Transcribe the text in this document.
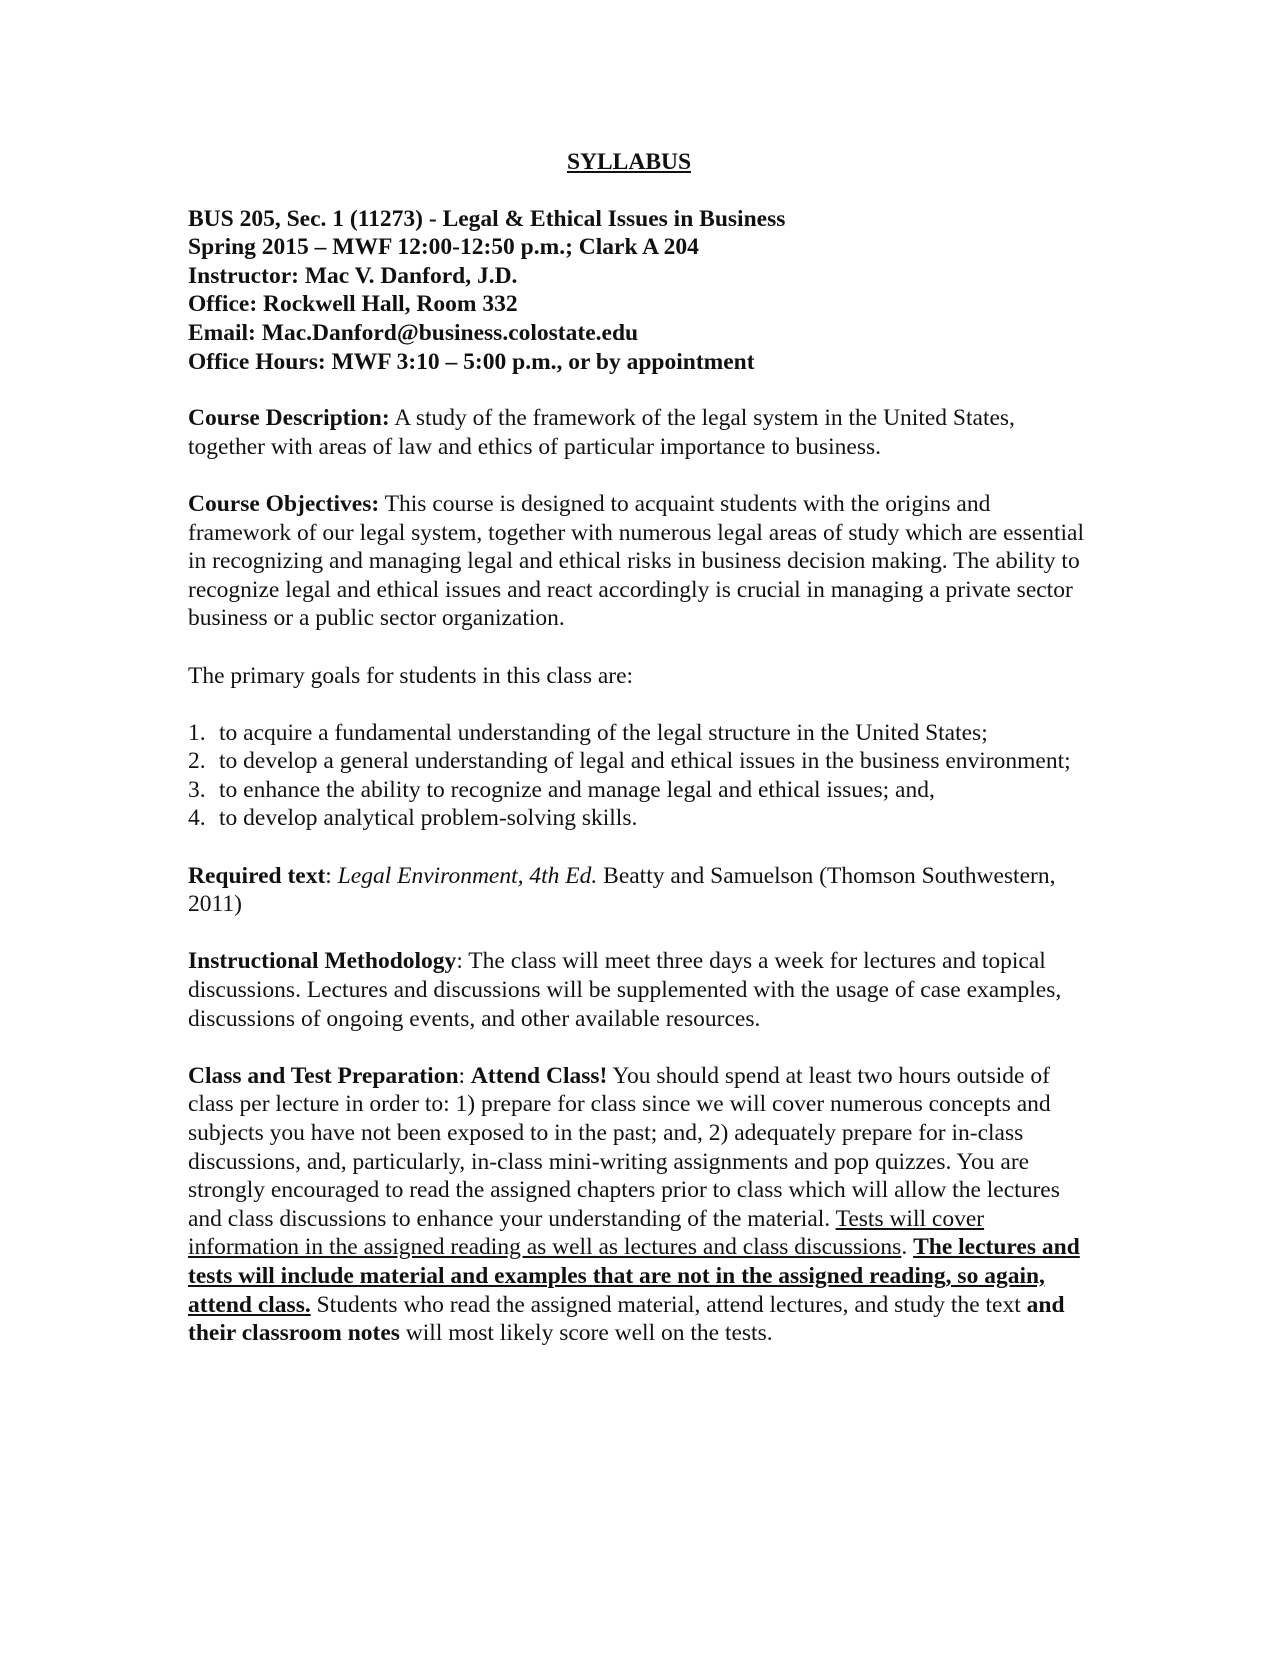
SYLLABUS
BUS 205, Sec. 1 (11273) - Legal & Ethical Issues in Business
Spring 2015 – MWF 12:00-12:50 p.m.; Clark A 204
Instructor: Mac V. Danford, J.D.
Office: Rockwell Hall, Room 332
Email: Mac.Danford@business.colostate.edu
Office Hours: MWF 3:10 – 5:00 p.m., or by appointment

Course Description: A study of the framework of the legal system in the United States, together with areas of law and ethics of particular importance to business.

Course Objectives: This course is designed to acquaint students with the origins and framework of our legal system, together with numerous legal areas of study which are essential in recognizing and managing legal and ethical risks in business decision making. The ability to recognize legal and ethical issues and react accordingly is crucial in managing a private sector business or a public sector organization.

The primary goals for students in this class are:

1. to acquire a fundamental understanding of the legal structure in the United States;
2. to develop a general understanding of legal and ethical issues in the business environment;
3. to enhance the ability to recognize and manage legal and ethical issues; and,
4. to develop analytical problem-solving skills.

Required text: Legal Environment, 4th Ed. Beatty and Samuelson (Thomson Southwestern, 2011)

Instructional Methodology: The class will meet three days a week for lectures and topical discussions. Lectures and discussions will be supplemented with the usage of case examples, discussions of ongoing events, and other available resources.

Class and Test Preparation: Attend Class! You should spend at least two hours outside of class per lecture in order to: 1) prepare for class since we will cover numerous concepts and subjects you have not been exposed to in the past; and, 2) adequately prepare for in-class discussions, and, particularly, in-class mini-writing assignments and pop quizzes. You are strongly encouraged to read the assigned chapters prior to class which will allow the lectures and class discussions to enhance your understanding of the material. Tests will cover information in the assigned reading as well as lectures and class discussions. The lectures and tests will include material and examples that are not in the assigned reading, so again, attend class. Students who read the assigned material, attend lectures, and study the text and their classroom notes will most likely score well on the tests.
